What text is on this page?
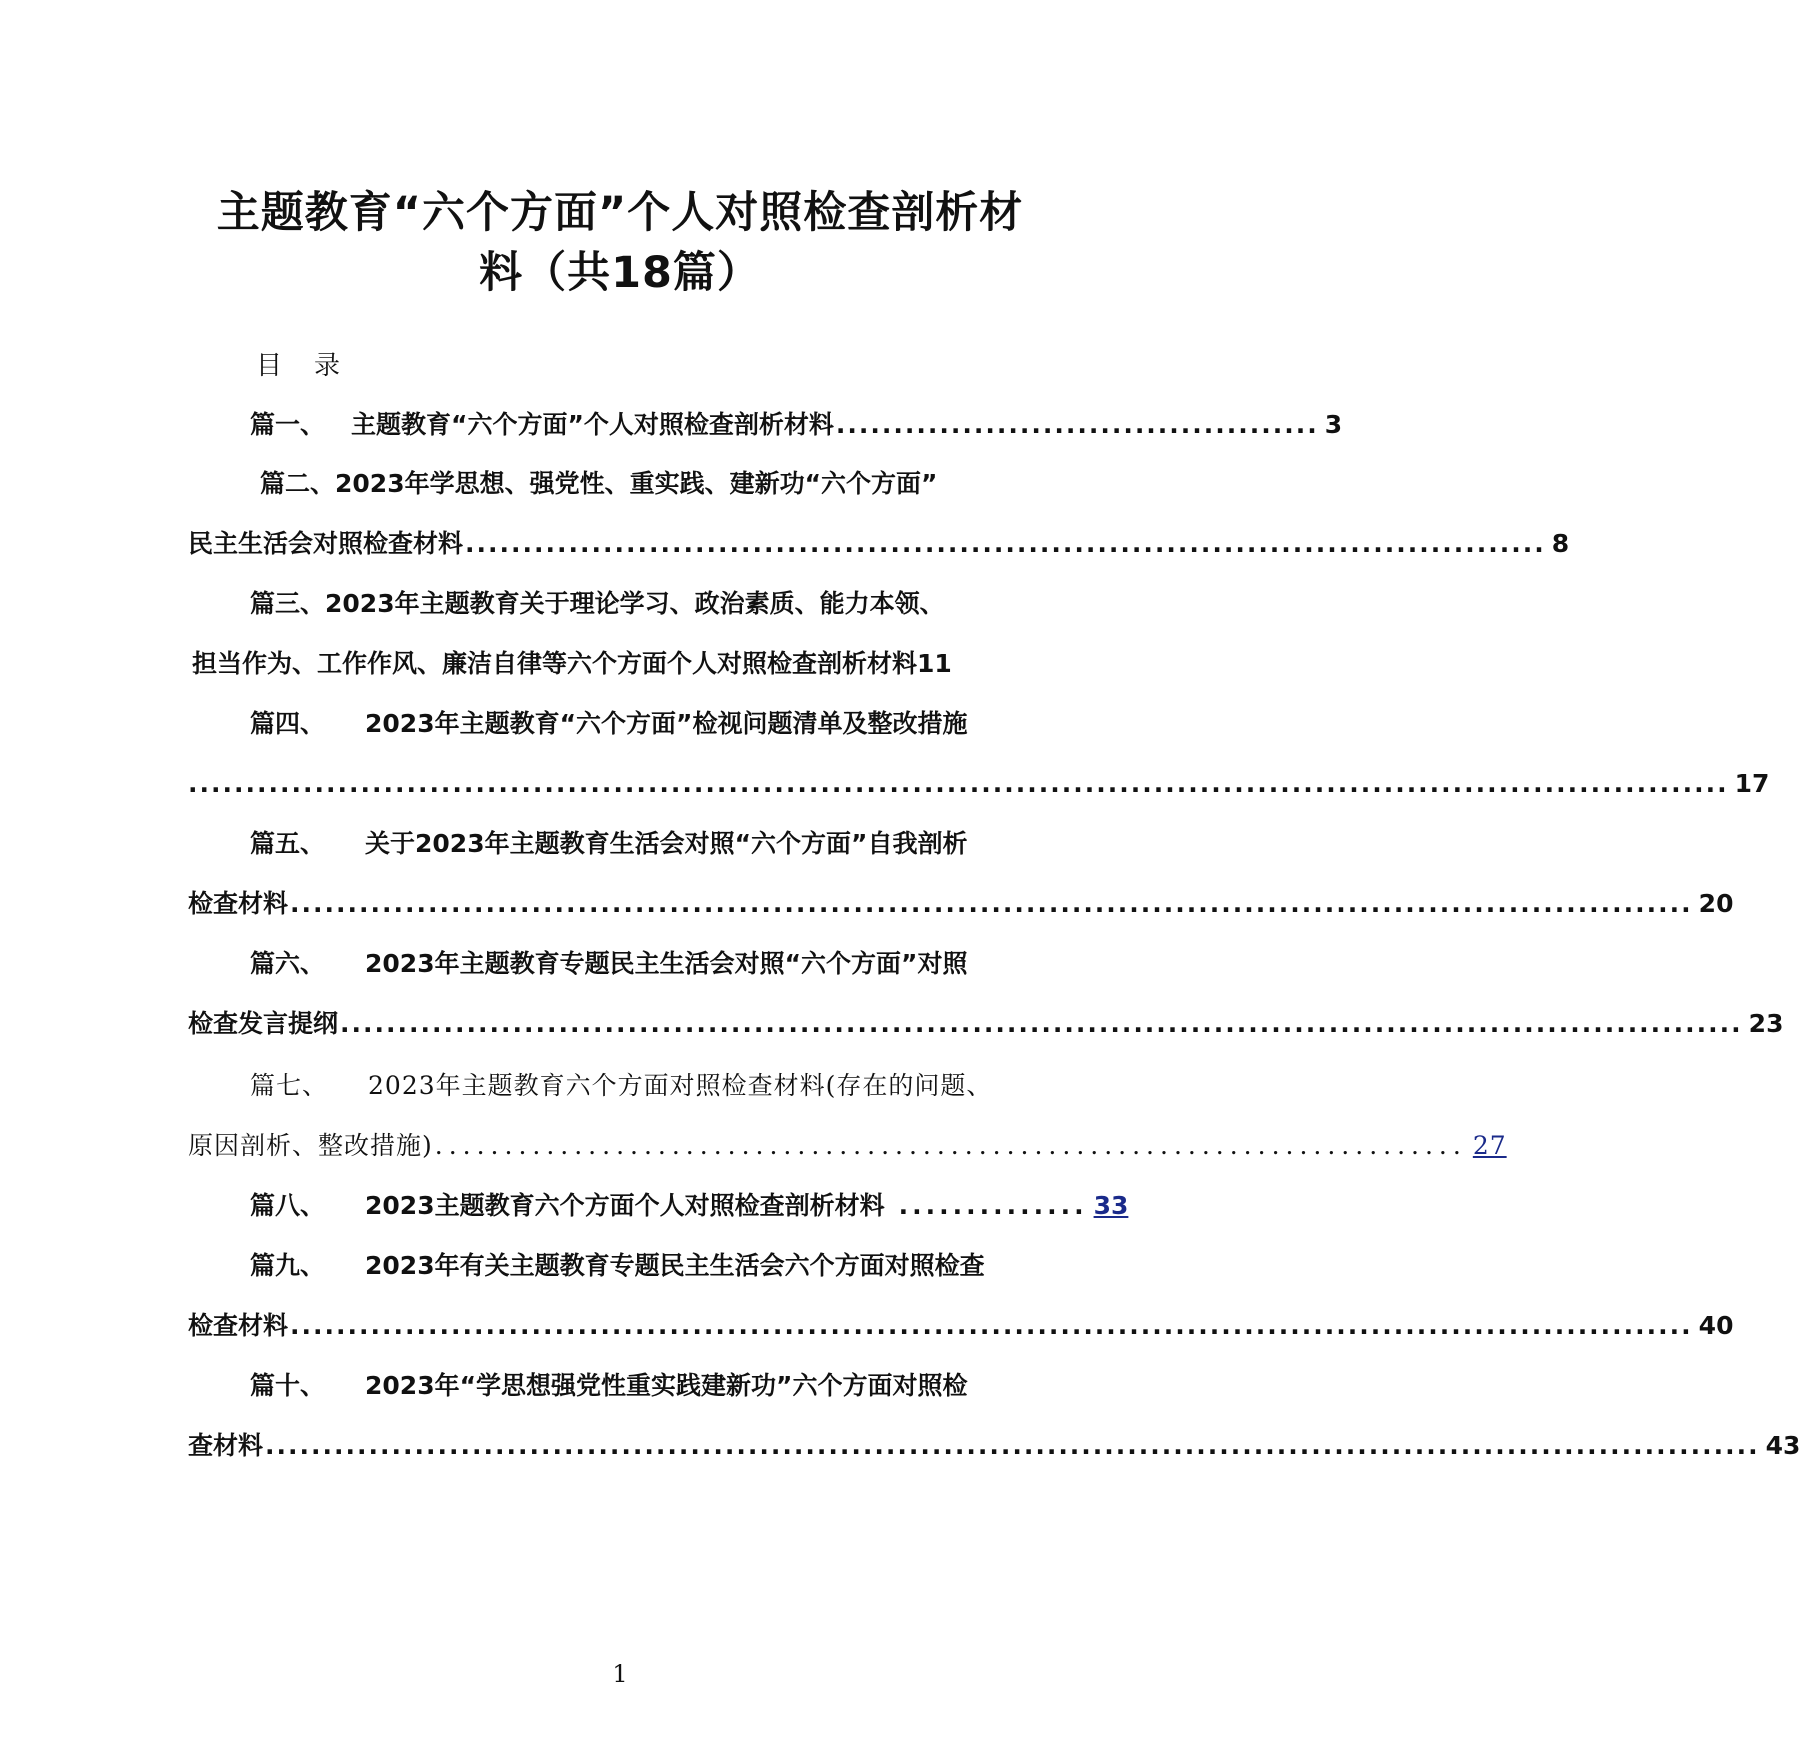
主题教育“六个方面”个人对照检查剖析材
料（共18篇）
目 录
篇一、 主题教育“六个方面”个人对照检查剖析材料 .......................................... 3
篇二、2023年学思想、强党性、重实践、建新功“六个方面”
民主生活会对照检查材料 .............................................................................................. 8
篇三、2023年主题教育关于理论学习、政治素质、能力本领、
担当作为、工作作风、廉洁自律等六个方面个人对照检查剖析材料11
篇四、 2023年主题教育“六个方面”检视问题清单及整改措施
...................................................................................................................................... 17
篇五、 关于2023年主题教育生活会对照“六个方面”自我剖析
检查材料 .......................................................................................................................... 20
篇六、 2023年主题教育专题民主生活会对照“六个方面”对照
检查发言提纲 .......................................................................................................................... 23
篇七、 2023年主题教育六个方面对照检查材料(存在的问题、
原因剖析、整改措施) .......................................................................... 27
篇八、 2023主题教育六个方面个人对照检查剖析材料 .............. 33
篇九、 2023年有关主题教育专题民主生活会六个方面对照检查
检查材料 .......................................................................................................................... 40
篇十、 2023年“学思想强党性重实践建新功”六个方面对照检
查材料 .................................................................................................................................. 43
1
